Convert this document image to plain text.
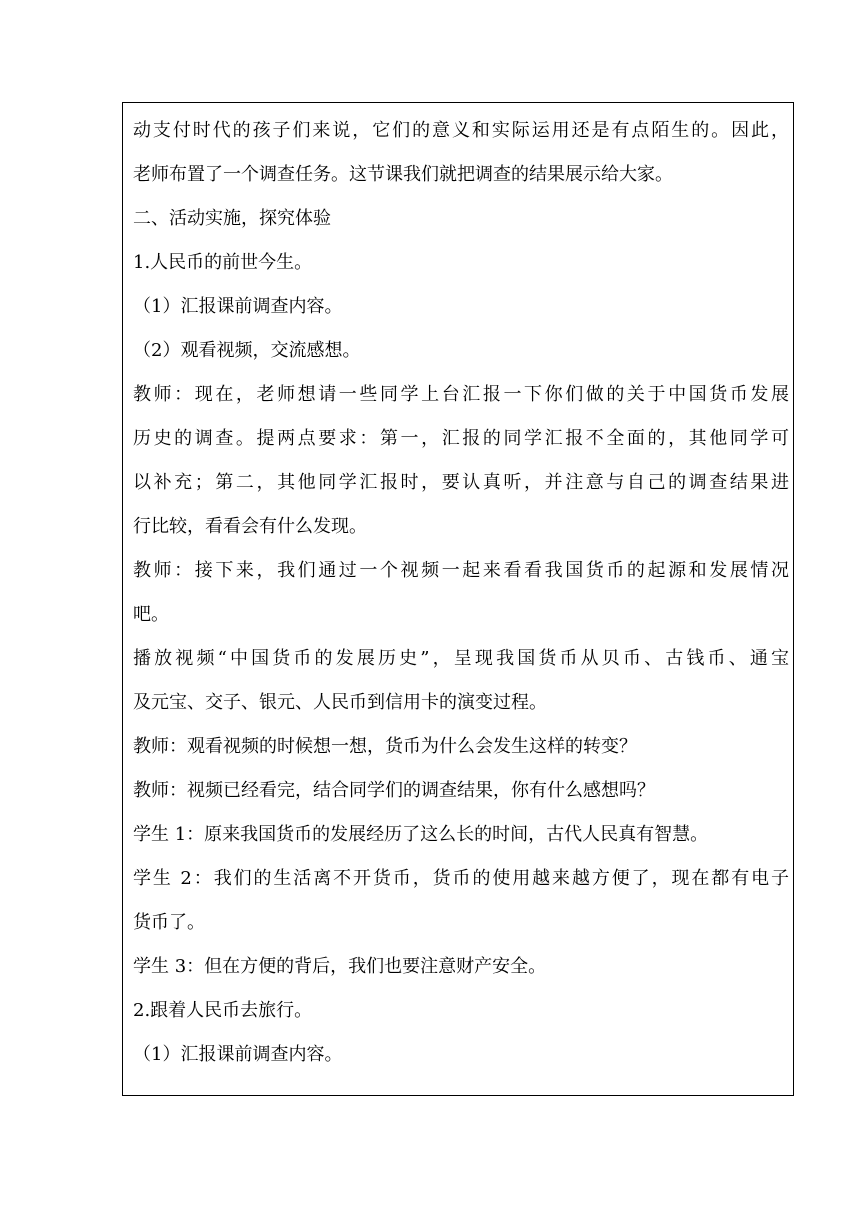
动支付时代的孩子们来说，它们的意义和实际运用还是有点陌生的。因此，
老师布置了一个调查任务。这节课我们就把调查的结果展示给大家。
二、活动实施，探究体验
1.人民币的前世今生。
（1）汇报课前调查内容。
（2）观看视频，交流感想。
教师：现在，老师想请一些同学上台汇报一下你们做的关于中国货币发展
历史的调查。提两点要求：第一，汇报的同学汇报不全面的，其他同学可
以补充；第二，其他同学汇报时，要认真听，并注意与自己的调查结果进
行比较，看看会有什么发现。
教师：接下来，我们通过一个视频一起来看看我国货币的起源和发展情况
吧。
播放视频“中国货币的发展历史”，呈现我国货币从贝币、古钱币、通宝
及元宝、交子、银元、人民币到信用卡的演变过程。
教师：观看视频的时候想一想，货币为什么会发生这样的转变？
教师：视频已经看完，结合同学们的调查结果，你有什么感想吗？
学生 1：原来我国货币的发展经历了这么长的时间，古代人民真有智慧。
学生 2：我们的生活离不开货币，货币的使用越来越方便了，现在都有电子
货币了。
学生 3：但在方便的背后，我们也要注意财产安全。
2.跟着人民币去旅行。
（1）汇报课前调查内容。
